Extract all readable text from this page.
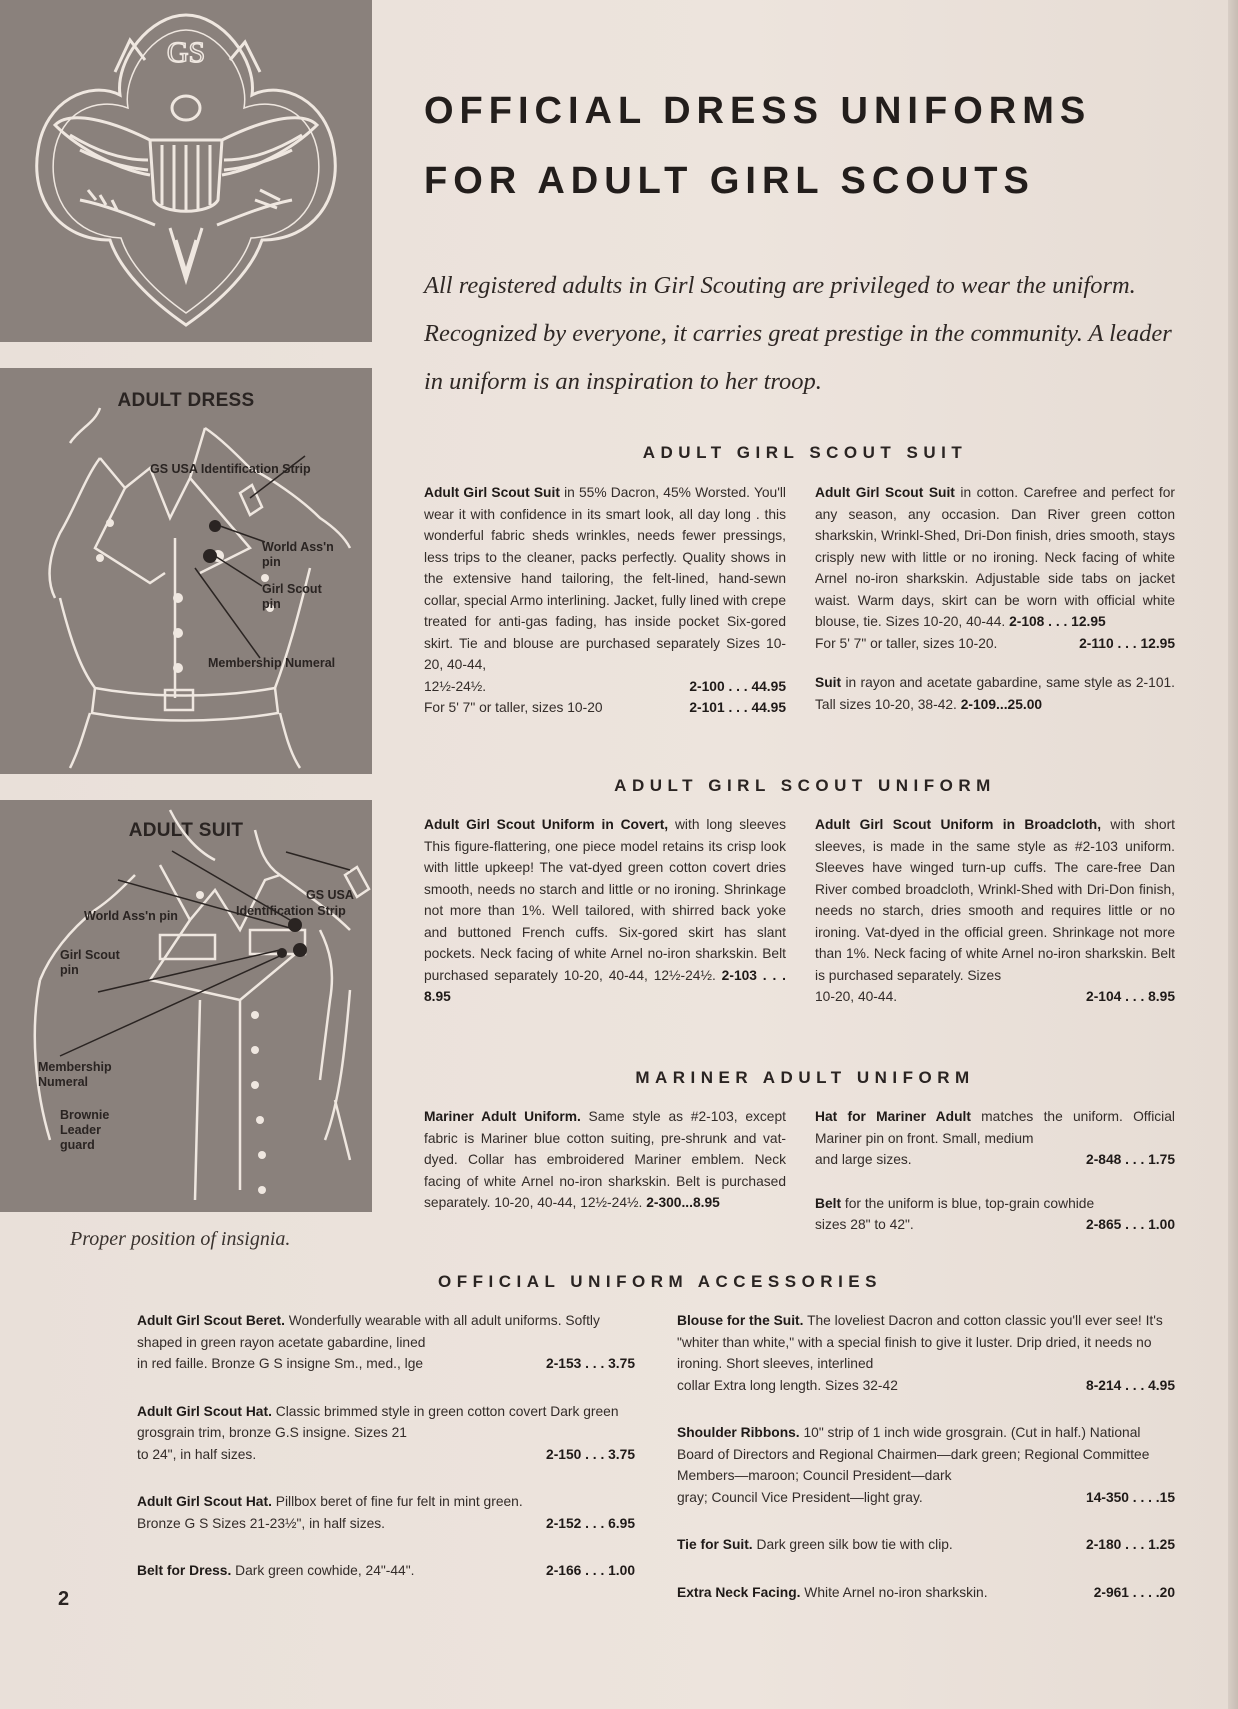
GS
ADULT DRESS
GS USA Identification Strip
World Ass'n
pin
Girl Scout
pin
Membership Numeral
ADULT SUIT
GS USA
Identification Strip
World Ass'n pin
Girl Scout
pin
Membership
Numeral
Brownie
Leader
guard
Proper position of insignia.
OFFICIAL DRESS UNIFORMS
FOR ADULT GIRL SCOUTS
All registered adults in Girl Scouting are privileged to wear the uniform. Recognized by everyone, it carries great prestige in the community. A leader in uniform is an inspiration to her troop.
ADULT GIRL SCOUT SUIT

Adult Girl Scout Suit in 55% Dacron, 45% Worsted. You'll wear it with confidence in its smart look, all day long . this wonderful fabric sheds wrinkles, needs fewer pressings, less trips to the cleaner, packs perfectly. Quality shows in the extensive hand tailoring, the felt-lined, hand-sewn collar, special Armo interlining. Jacket, fully lined with crepe treated for anti-gas fading, has inside pocket Six-gored skirt. Tie and blouse are purchased separately Sizes 10-20, 40-44,

12½-24½.	2-100 . . . 44.95
For 5' 7" or taller, sizes 10-20	2-101 . . . 44.95

Adult Girl Scout Suit in cotton. Carefree and perfect for any season, any occasion. Dan River green cotton sharkskin, Wrinkl-Shed, Dri-Don finish, dries smooth, stays crisply new with little or no ironing. Neck facing of white Arnel no-iron sharkskin. Adjustable side tabs on jacket waist. Warm days, skirt can be worn with official white blouse, tie. Sizes 10-20, 40-44. 2-108 . . . 12.95

For 5' 7" or taller, sizes 10-20.	2-110 . . . 12.95

Suit in rayon and acetate gabardine, same style as 2-101. Tall sizes 10-20, 38-42. 2-109...25.00

ADULT GIRL SCOUT UNIFORM

Adult Girl Scout Uniform in Covert, with long sleeves This figure-flattering, one piece model retains its crisp look with little upkeep! The vat-dyed green cotton covert dries smooth, needs no starch and little or no ironing. Shrinkage not more than 1%. Well tailored, with shirred back yoke and buttoned French cuffs. Six-gored skirt has slant pockets. Neck facing of white Arnel no-iron sharkskin. Belt purchased separately 10-20, 40-44, 12½-24½. 2-103 . . . 8.95

Adult Girl Scout Uniform in Broadcloth, with short sleeves, is made in the same style as #2-103 uniform. Sleeves have winged turn-up cuffs. The care-free Dan River combed broadcloth, Wrinkl-Shed with Dri-Don finish, needs no starch, dries smooth and requires little or no ironing. Vat-dyed in the official green. Shrinkage not more than 1%. Neck facing of white Arnel no-iron sharkskin. Belt is purchased separately. Sizes

10-20, 40-44.	2-104 . . . 8.95
MARINER ADULT UNIFORM

Mariner Adult Uniform. Same style as #2-103, except fabric is Mariner blue cotton suiting, pre-shrunk and vat-dyed. Collar has embroidered Mariner emblem. Neck facing of white Arnel no-iron sharkskin. Belt is purchased separately. 10-20, 40-44, 12½-24½. 2-300...8.95

Hat for Mariner Adult matches the uniform. Official Mariner pin on front. Small, medium

and large sizes.	2-848 . . . 1.75

Belt for the uniform is blue, top-grain cowhide

sizes 28" to 42".	2-865 . . . 1.00
OFFICIAL UNIFORM ACCESSORIES
Adult Girl Scout Beret. Wonderfully wearable with all adult uniforms. Softly shaped in green rayon acetate gabardine, lined
in red faille. Bronze G S insigne Sm., med., lge	2-153 . . . 3.75
Adult Girl Scout Hat. Classic brimmed style in green cotton covert Dark green grosgrain trim, bronze G.S insigne. Sizes 21
to 24", in half sizes.	2-150 . . . 3.75
Adult Girl Scout Hat. Pillbox beret of fine fur felt in mint green.
Bronze G S Sizes 21-23½", in half sizes.	2-152 . . . 6.95
Belt for Dress. Dark green cowhide, 24"-44".	2-166 . . . 1.00
Blouse for the Suit. The loveliest Dacron and cotton classic you'll ever see! It's "whiter than white," with a special finish to give it luster. Drip dried, it needs no ironing. Short sleeves, interlined
collar Extra long length. Sizes 32-42	8-214 . . . 4.95
Shoulder Ribbons. 10" strip of 1 inch wide grosgrain. (Cut in half.) National Board of Directors and Regional Chairmen—dark green; Regional Committee Members—maroon; Council President—dark
gray; Council Vice President—light gray.	14-350 . . . .15
Tie for Suit. Dark green silk bow tie with clip.	2-180 . . . 1.25
Extra Neck Facing. White Arnel no-iron sharkskin.	2-961 . . . .20
2
